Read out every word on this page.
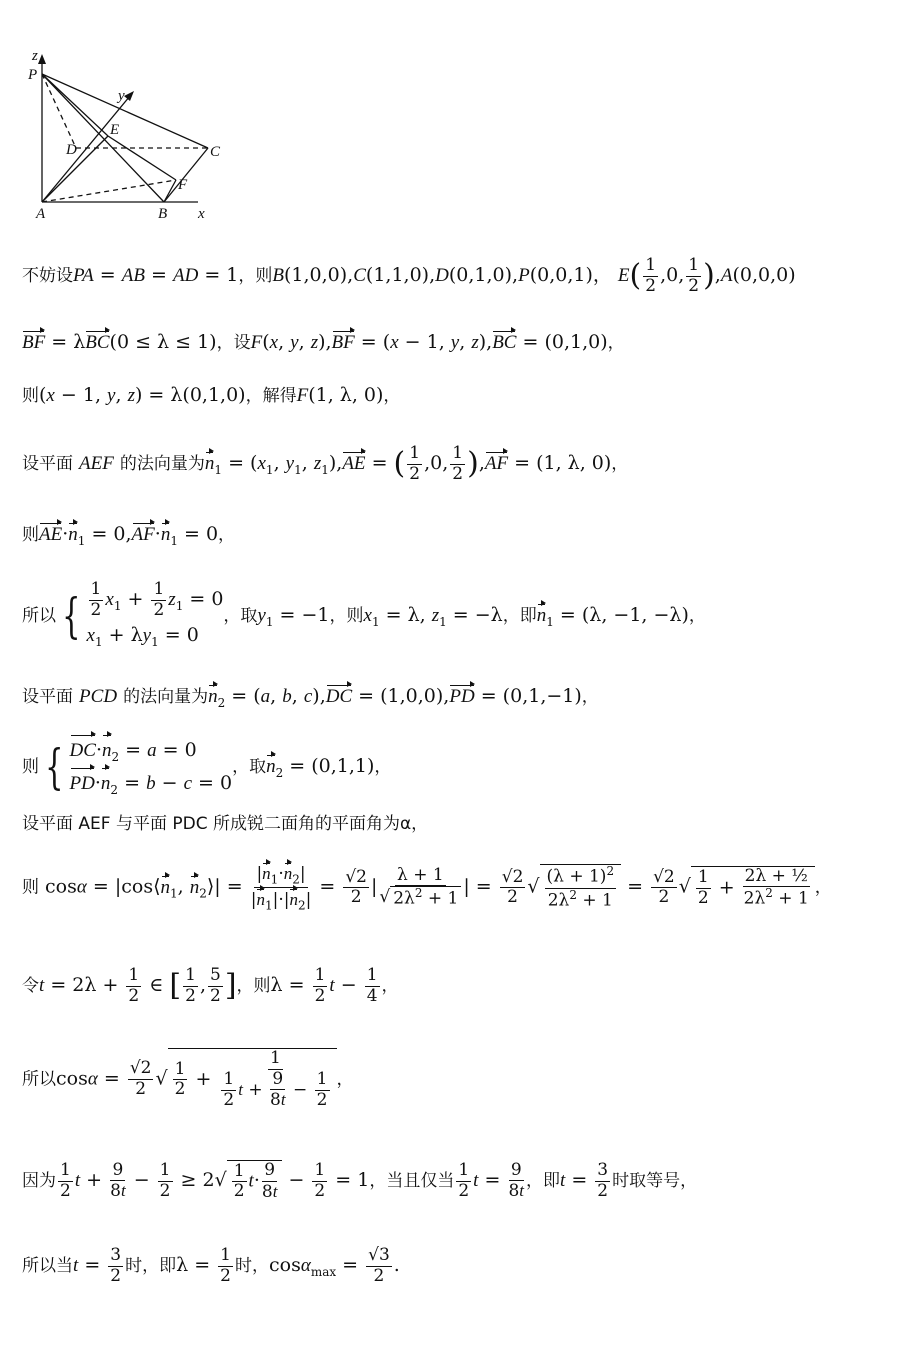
z
P
y
E
D	C
F
A	B x
不妨设PA = AB = AD = 1，则B(1,0,0),C(1,1,0),D(0,1,0),P(0,0,1)， $E( \frac{1}{2} ,0$, $\frac{1}{2} ),A(0,0,0)$
BF = λBC(0 ≤ λ ≤ 1)，设F(x, y, z),BF = (x − 1, y, z),BC = (0,1,0)，
则(x − 1, y, z) = λ(0,1,0)，解得F(1, λ, 0)，
设平面 AEF 的法向量为$n_1 = (x_1$, $y_1$, $z_1),AE$ = ( $\frac{1}{2} ,0$, $\frac{1}{2} ),AF = (1$, λ, 0)，
则$AE\cdot n_1 = 0,AF\cdot n_1 = 0$，
所以 { $\frac{1}{2} x_1 + \frac{1}{2} z_1 = 0$
$x_1 + \lambda y_1 = 0$
，取$y_1 = -1$，则$x_1 = \lambda$, $z_1 = -\lambda$，即$n_1 = (\lambda$, −1, −λ)，
设平面 PCD 的法向量为$n_2 = (a$, b, c),DC = (1,0,0),PD = (0,1,−1)，
则 { $DC\cdot n_2 = a = 0$
$PD\cdot n_2 = b - c = 0$
，取$n_2 = (0,1,1)$，
设平面 AEF 与平面 PDC 所成锐二面角的平面角为α，
则 $\cos\alpha = |\cos⟨n_1$, $n_2⟩| = \frac{|n_1\cdot n_2|}{|n_1|\cdot|n_2|} = \frac{√2}{2}$ | $\frac{\lambda + 1}{√ 2\lambda^2 + 1}$ | = $\frac{√2}{2}$ √ $\frac{(\lambda + 1)^2}{2\lambda^2 + 1} = \frac{√2}{2}$ √ $\frac{1}{2} + \frac{\text{2λ + ½}}{2\lambda^2 + 1}$ ，
令$t = 2\lambda + \frac{1}{2}$ ∈ [ $\frac{1}{2}$ , $\frac{5}{2}$ ]，则$\lambda = \frac{1}{2}$ $t - \frac{1}{4}$ ，
所以$\cos\alpha = \frac{√2}{2}$ √ $\frac{1}{2} + \frac{1}{\frac{1}{2} t + \frac{9}{8t} - \frac{1}{2}}$ ，
因为 $\frac{1}{2}$ $t + \frac{9}{8t} - \frac{1}{2} \ge 2√ \frac{1}{2} t\cdot \frac{9}{8t} - \frac{1}{2} = 1$，当且仅当 $\frac{1}{2}$ $t = \frac{9}{8t}$ ，即$t = \frac{3}{2}$ 时取等号，
所以当$t = \frac{3}{2}$ 时，即$\lambda = \frac{1}{2}$ 时，$\cos\alpha_{max} = \frac{√3}{2}$ .
